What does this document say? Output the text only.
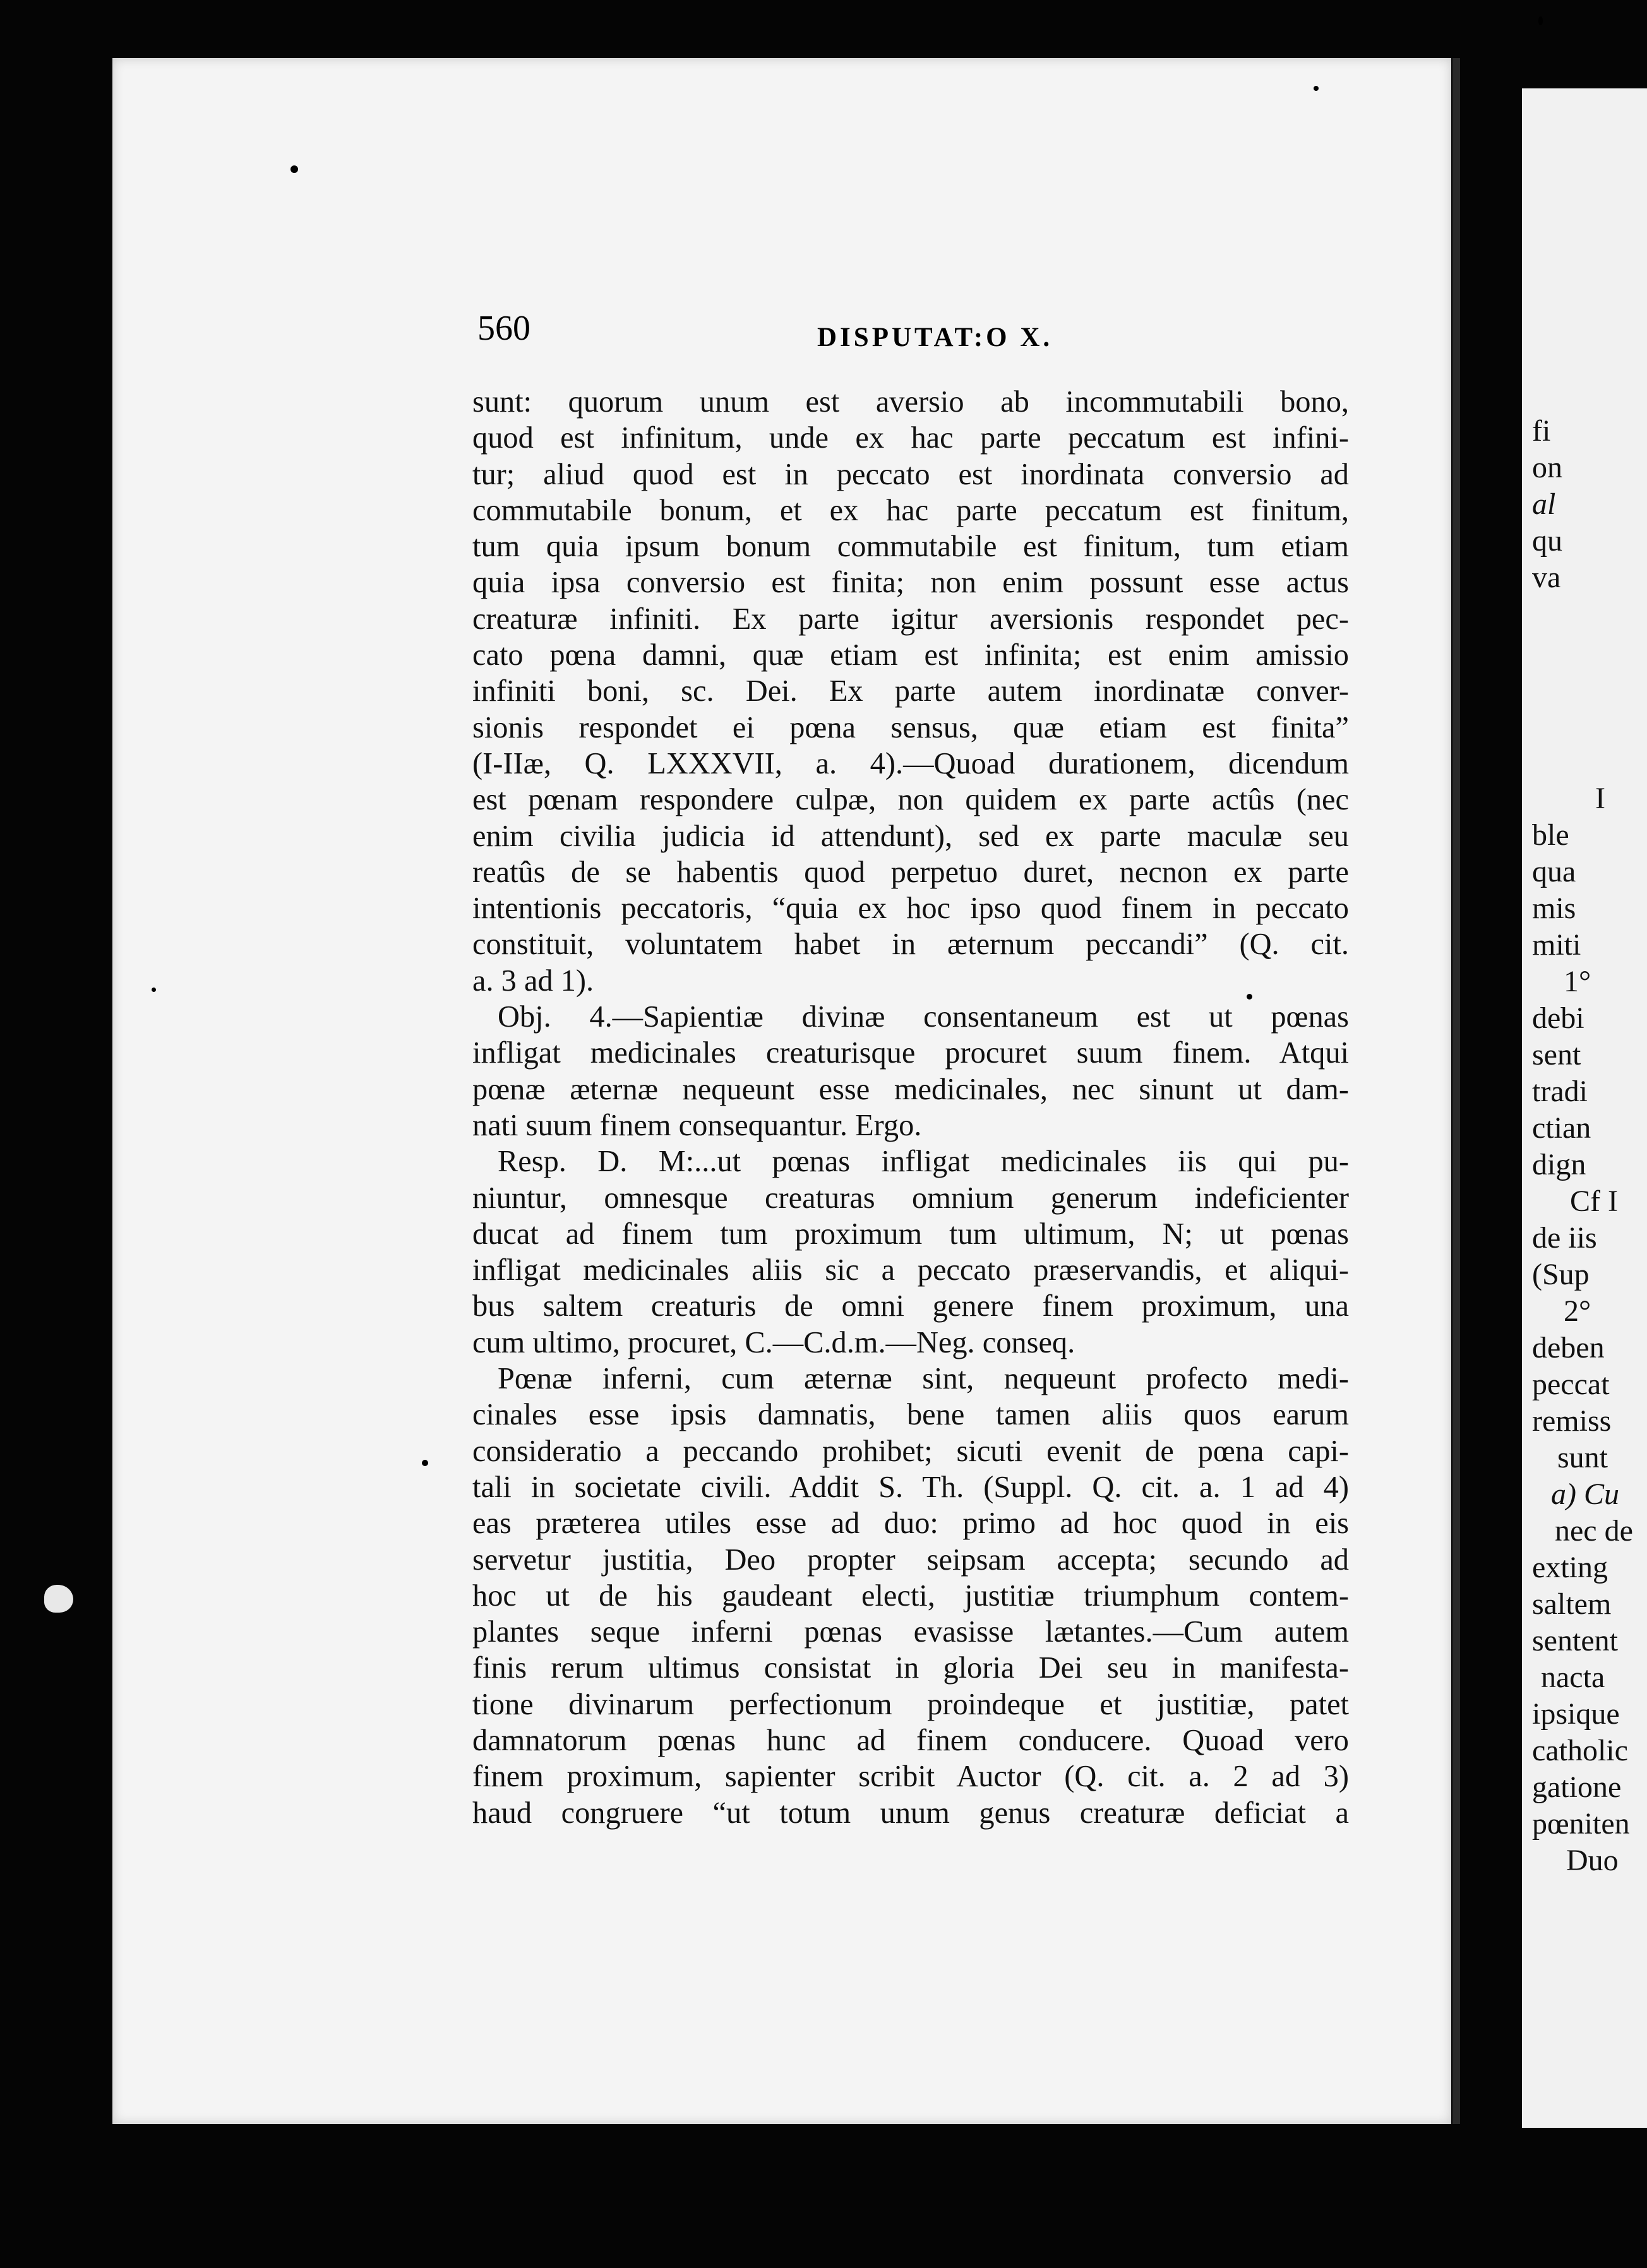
560	DISPUTAT:O X.
sunt: quorum unum est aversio ab incommutabili bono,
quod est infinitum, unde ex hac parte peccatum est infini-
tur; aliud quod est in peccato est inordinata conversio ad
commutabile bonum, et ex hac parte peccatum est finitum,
tum quia ipsum bonum commutabile est finitum, tum etiam
quia ipsa conversio est finita; non enim possunt esse actus
creaturæ infiniti. Ex parte igitur aversionis respondet pec-
cato pœna damni, quæ etiam est infinita; est enim amissio
infiniti boni, sc. Dei. Ex parte autem inordinatæ conver-
sionis respondet ei pœna sensus, quæ etiam est finita”
(I-IIæ, Q. LXXXVII, a. 4).—Quoad durationem, dicendum
est pœnam respondere culpæ, non quidem ex parte actûs (nec
enim civilia judicia id attendunt), sed ex parte maculæ seu
reatûs de se habentis quod perpetuo duret, necnon ex parte
intentionis peccatoris, “quia ex hoc ipso quod finem in peccato
constituit, voluntatem habet in æternum peccandi” (Q. cit.
a. 3 ad 1).
Obj. 4.—Sapientiæ divinæ consentaneum est ut pœnas
infligat medicinales creaturisque procuret suum finem. Atqui
pœnæ æternæ nequeunt esse medicinales, nec sinunt ut dam-
nati suum finem consequantur. Ergo.
Resp. D. M:...ut pœnas infligat medicinales iis qui pu-
niuntur, omnesque creaturas omnium generum indeficienter
ducat ad finem tum proximum tum ultimum, N; ut pœnas
infligat medicinales aliis sic a peccato præservandis, et aliqui-
bus saltem creaturis de omni genere finem proximum, una
cum ultimo, procuret, C.—C.d.m.—Neg. conseq.
Pœnæ inferni, cum æternæ sint, nequeunt profecto medi-
cinales esse ipsis damnatis, bene tamen aliis quos earum
consideratio a peccando prohibet; sicuti evenit de pœna capi-
tali in societate civili. Addit S. Th. (Suppl. Q. cit. a. 1 ad 4)
eas præterea utiles esse ad duo: primo ad hoc quod in eis
servetur justitia, Deo propter seipsam accepta; secundo ad
hoc ut de his gaudeant electi, justitiæ triumphum contem-
plantes seque inferni pœnas evasisse lætantes.—Cum autem
finis rerum ultimus consistat in gloria Dei seu in manifesta-
tione divinarum perfectionum proindeque et justitiæ, patet
damnatorum pœnas hunc ad finem conducere. Quoad vero
finem proximum, sapienter scribit Auctor (Q. cit. a. 2 ad 3)
haud congruere “ut totum unum genus creaturæ deficiat a
fi
on
al
qu
va
I
ble
qua
mis
miti
1°
debi
sent
tradi
ctian
dign
Cf I
de iis
(Sup
2°
deben
peccat
remiss
sunt
a) Cu
nec de
exting
saltem
sentent
nacta
ipsique
catholic
gatione
pœniten
Duo
